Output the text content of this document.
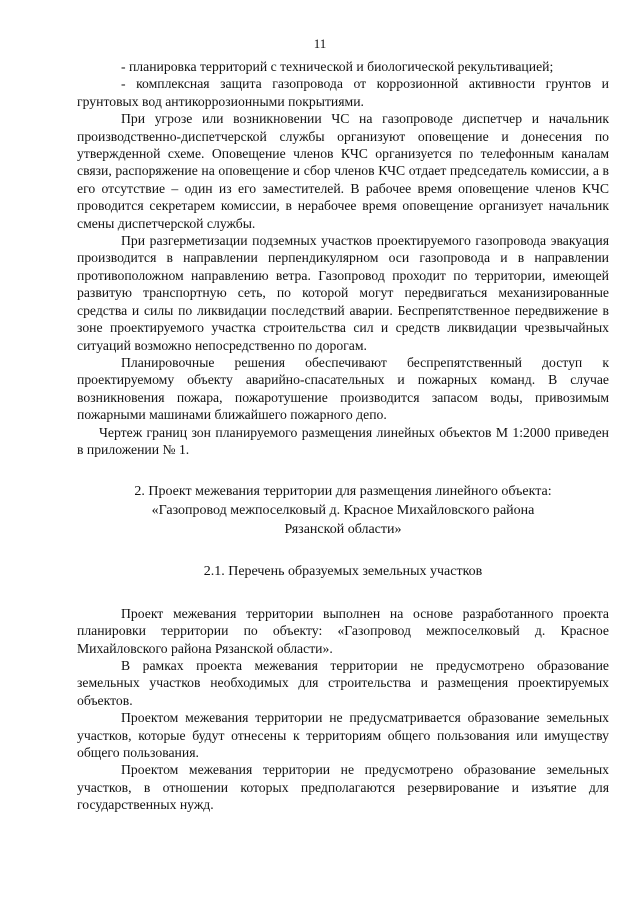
11

- планировка территорий с технической и биологической рекультивацией;

- комплексная защита газопровода от коррозионной активности грунтов и грунтовых вод антикоррозионными покрытиями.

При угрозе или возникновении ЧС на газопроводе диспетчер и начальник производственно-диспетчерской службы организуют оповещение и донесения по утвержденной схеме. Оповещение членов КЧС организуется по телефонным каналам связи, распоряжение на оповещение и сбор членов КЧС отдает председатель комиссии, а в его отсутствие – один из его заместителей. В рабочее время оповещение членов КЧС проводится секретарем комиссии, в нерабочее время оповещение организует начальник смены диспетчерской службы.

При разгерметизации подземных участков проектируемого газопровода эвакуация производится в направлении перпендикулярном оси газопровода и в направлении противоположном направлению ветра. Газопровод проходит по территории, имеющей развитую транспортную сеть, по которой могут передвигаться механизированные средства и силы по ликвидации последствий аварии. Беспрепятственное передвижение в зоне проектируемого участка строительства сил и средств ликвидации чрезвычайных ситуаций возможно непосредственно по дорогам.

Планировочные решения обеспечивают беспрепятственный доступ к проектируемому объекту аварийно-спасательных и пожарных команд. В случае возникновения пожара, пожаротушение производится запасом воды, привозимым пожарными машинами ближайшего пожарного депо.

Чертеж границ зон планируемого размещения линейных объектов М 1:2000 приведен в приложении № 1.

2. Проект межевания территории для размещения линейного объекта:
«Газопровод межпоселковый д. Красное Михайловского района
Рязанской области»
2.1. Перечень образуемых земельных участков

Проект межевания территории выполнен на основе разработанного проекта планировки территории по объекту: «Газопровод межпоселковый д. Красное Михайловского района Рязанской области».

В рамках проекта межевания территории не предусмотрено образование земельных участков необходимых для строительства и размещения проектируемых объектов.

Проектом межевания территории не предусматривается образование земельных участков, которые будут отнесены к территориям общего пользования или имуществу общего пользования.

Проектом межевания территории не предусмотрено образование земельных участков, в отношении которых предполагаются резервирование и изъятие для государственных нужд.
